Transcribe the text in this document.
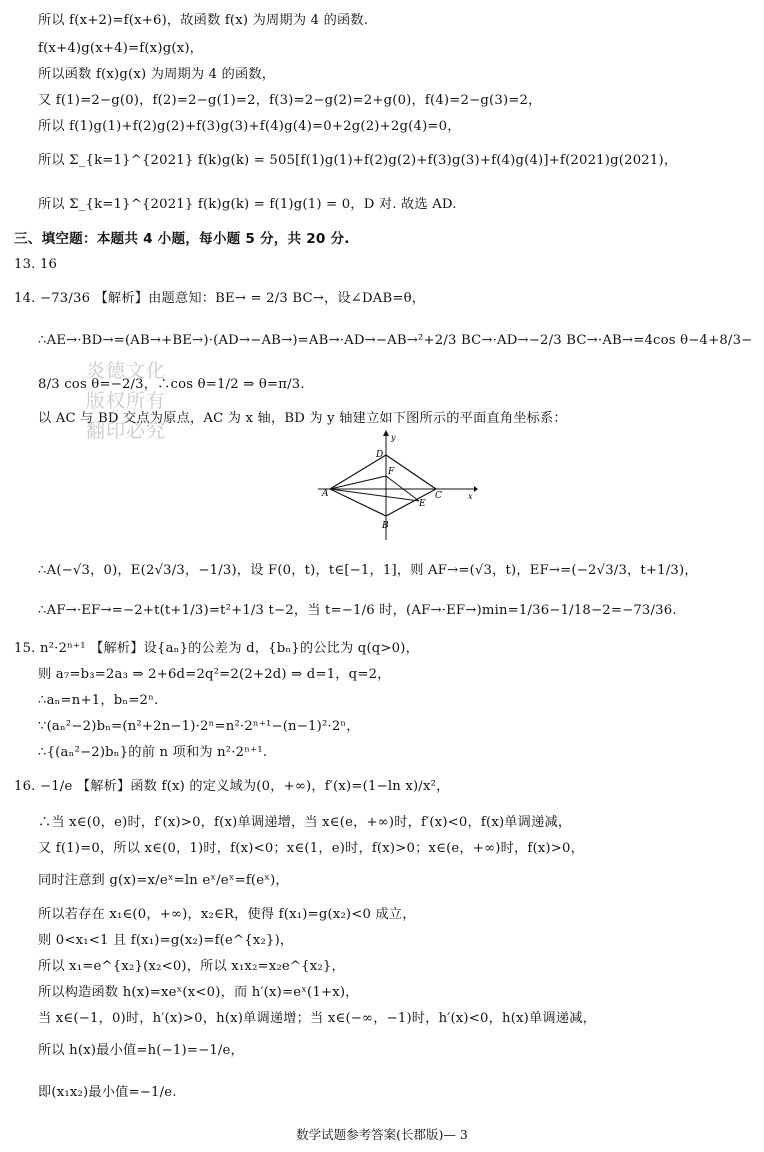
炎德文化
版权所有
翻印必究
所以 f(x+2)=f(x+6)，故函数 f(x) 为周期为 4 的函数.
f(x+4)g(x+4)=f(x)g(x)，
所以函数 f(x)g(x) 为周期为 4 的函数，
又 f(1)=2−g(0)，f(2)=2−g(1)=2，f(3)=2−g(2)=2+g(0)，f(4)=2−g(3)=2，
所以 f(1)g(1)+f(2)g(2)+f(3)g(3)+f(4)g(4)=0+2g(2)+2g(4)=0，
所以 Σ_{k=1}^{2021} f(k)g(k) = 505[f(1)g(1)+f(2)g(2)+f(3)g(3)+f(4)g(4)]+f(2021)g(2021)，
所以 Σ_{k=1}^{2021} f(k)g(k) = f(1)g(1) = 0，D 对. 故选 AD.
三、填空题：本题共 4 小题，每小题 5 分，共 20 分.
13. 16
14. −73/36 【解析】由题意知：BE→ = 2/3 BC→，设∠DAB=θ，
∴AE→·BD→=(AB→+BE→)·(AD→−AB→)=AB→·AD→−AB→²+2/3 BC→·AD→−2/3 BC→·AB→=4cos θ−4+8/3−
8/3 cos θ=−2/3，∴cos θ=1/2 ⇒ θ=π/3.
以 AC 与 BD 交点为原点，AC 为 x 轴，BD 为 y 轴建立如下图所示的平面直角坐标系：
A
B
C
D
E
F
x
y
∴A(−√3，0)，E(2√3/3，−1/3)，设 F(0，t)，t∈[−1，1]，则 AF→=(√3，t)，EF→=(−2√3/3，t+1/3)，
∴AF→·EF→=−2+t(t+1/3)=t²+1/3 t−2，当 t=−1/6 时，(AF→·EF→)min=1/36−1/18−2=−73/36.
15. n²·2ⁿ⁺¹ 【解析】设{aₙ}的公差为 d，{bₙ}的公比为 q(q>0)，
则 a₇=b₃=2a₃ ⇒ 2+6d=2q²=2(2+2d) ⇒ d=1，q=2，
∴aₙ=n+1，bₙ=2ⁿ.
∵(aₙ²−2)bₙ=(n²+2n−1)·2ⁿ=n²·2ⁿ⁺¹−(n−1)²·2ⁿ，
∴{(aₙ²−2)bₙ}的前 n 项和为 n²·2ⁿ⁺¹.
16. −1/e 【解析】函数 f(x) 的定义域为(0，+∞)，f′(x)=(1−ln x)/x²，
∴当 x∈(0，e)时，f′(x)>0，f(x)单调递增，当 x∈(e，+∞)时，f′(x)<0，f(x)单调递减，
又 f(1)=0，所以 x∈(0，1)时，f(x)<0；x∈(1，e)时，f(x)>0；x∈(e，+∞)时，f(x)>0，
同时注意到 g(x)=x/eˣ=ln eˣ/eˣ=f(eˣ)，
所以若存在 x₁∈(0，+∞)，x₂∈R，使得 f(x₁)=g(x₂)<0 成立，
则 0<x₁<1 且 f(x₁)=g(x₂)=f(e^{x₂})，
所以 x₁=e^{x₂}(x₂<0)，所以 x₁x₂=x₂e^{x₂}，
所以构造函数 h(x)=xeˣ(x<0)，而 h′(x)=eˣ(1+x)，
当 x∈(−1，0)时，h′(x)>0，h(x)单调递增；当 x∈(−∞，−1)时，h′(x)<0，h(x)单调递减，
所以 h(x)最小值=h(−1)=−1/e，
即(x₁x₂)最小值=−1/e.
数学试题参考答案(长郡版)— 3
